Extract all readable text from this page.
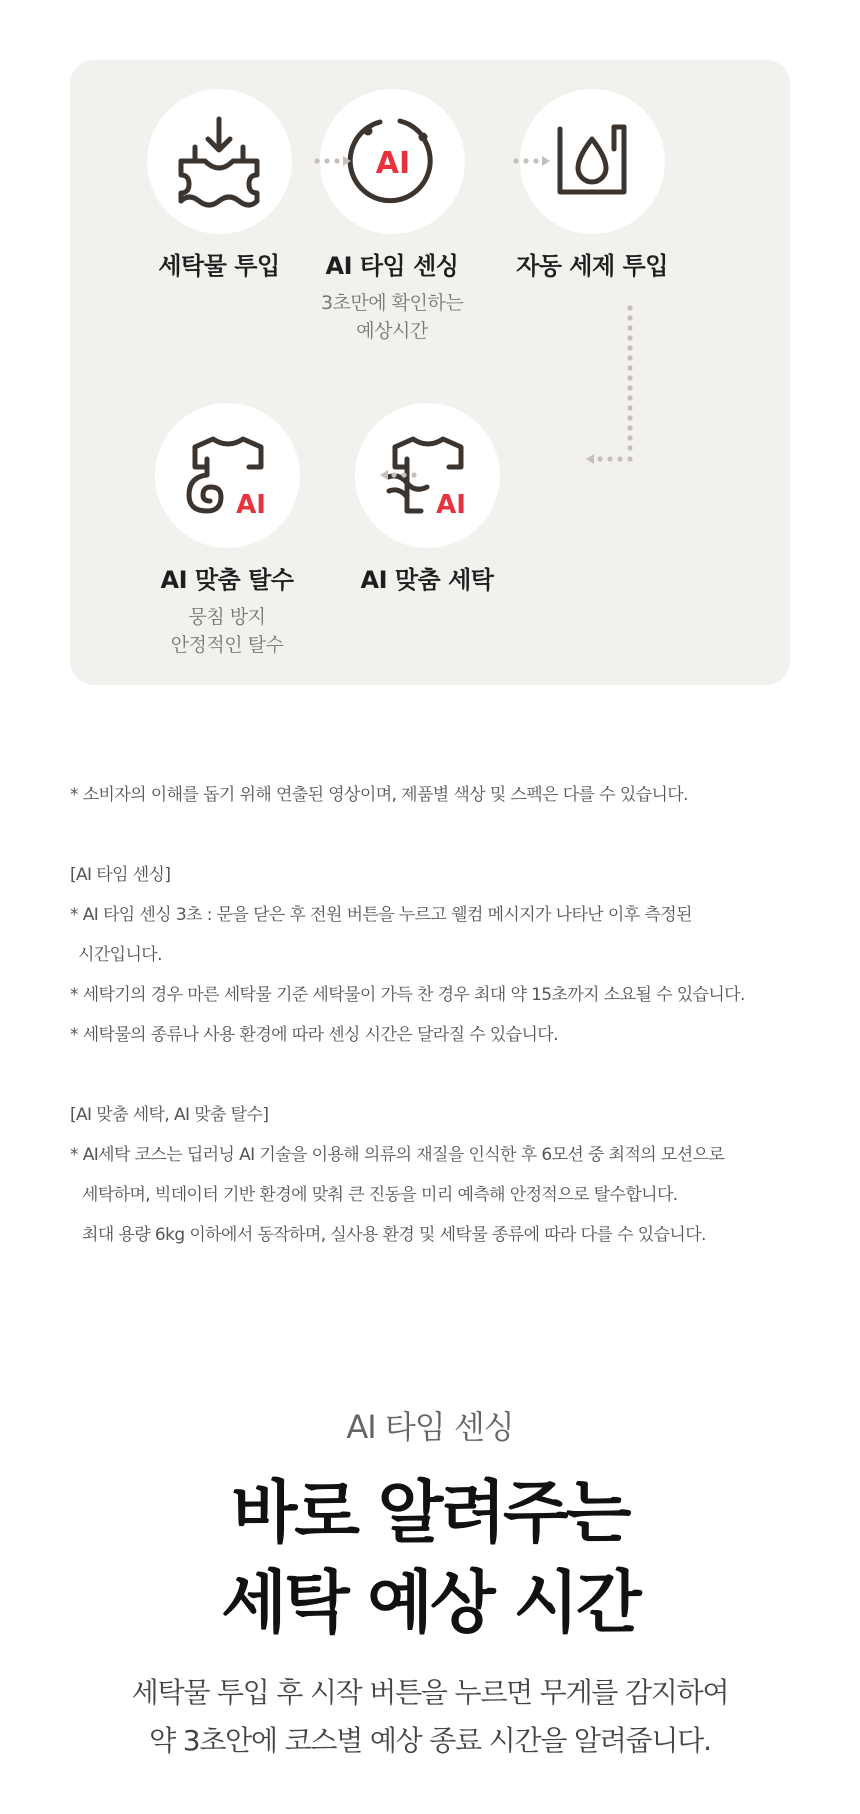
세탁물 투입
AI
AI 타임 센싱
3초만에 확인하는
예상시간
자동 세제 투입
AI
AI 맞춤 세탁
AI
AI 맞춤 탈수
뭉침 방지
안정적인 탈수

* 소비자의 이해를 돕기 위해 연출된 영상이며, 제품별 색상 및 스펙은 다를 수 있습니다.

[AI 타임 센싱]

* AI 타임 센싱 3초 : 문을 닫은 후 전원 버튼을 누르고 웰컴 메시지가 나타난 이후 측정된

시간입니다.

* 세탁기의 경우 마른 세탁물 기준 세탁물이 가득 찬 경우 최대 약 15초까지 소요될 수 있습니다.

* 세탁물의 종류나 사용 환경에 따라 센싱 시간은 달라질 수 있습니다.

[AI 맞춤 세탁, AI 맞춤 탈수]

* AI세탁 코스는 딥러닝 AI 기술을 이용해 의류의 재질을 인식한 후 6모션 중 최적의 모션으로

세탁하며, 빅데이터 기반 환경에 맞춰 큰 진동을 미리 예측해 안정적으로 탈수합니다.

최대 용량 6kg 이하에서 동작하며, 실사용 환경 및 세탁물 종류에 따라 다를 수 있습니다.

AI 타임 센싱
바로 알려주는
세탁 예상 시간
세탁물 투입 후 시작 버튼을 누르면 무게를 감지하여
약 3초안에 코스별 예상 종료 시간을 알려줍니다.
